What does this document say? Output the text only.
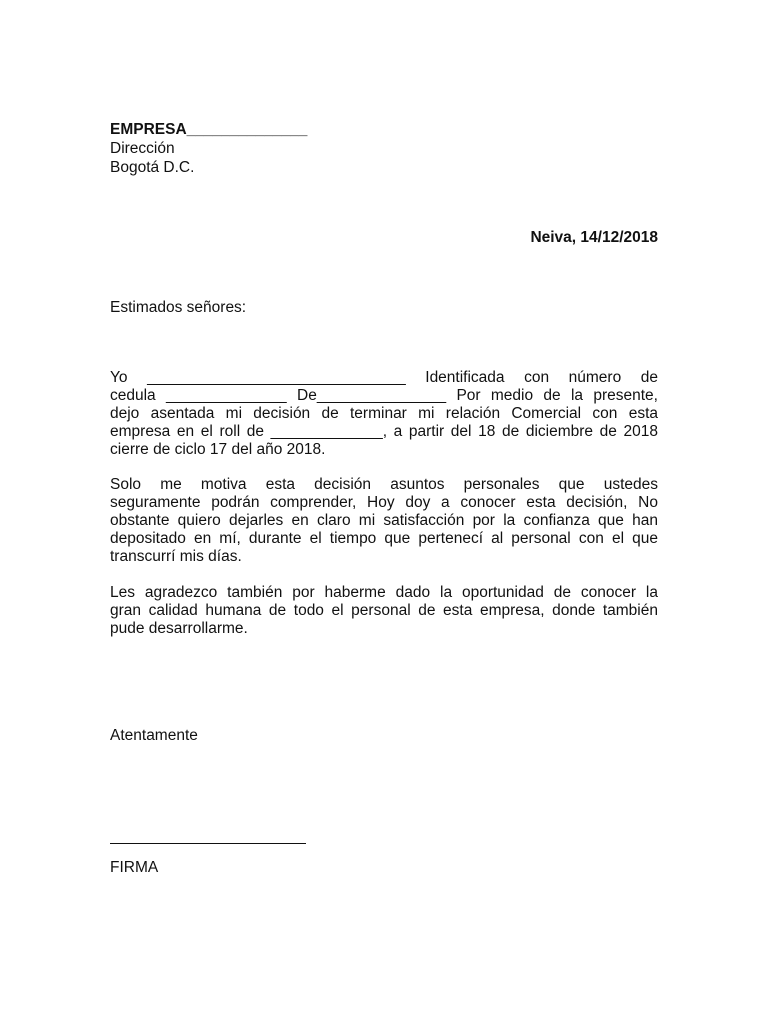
EMPRESA______________
Dirección
Bogotá D.C.
Neiva, 14/12/2018
Estimados señores:
Yo ______________________________ Identificada con número de
cedula ______________ De_______________ Por medio de la presente,
dejo asentada mi decisión de terminar mi relación Comercial con esta
empresa en el roll de _____________, a partir del 18 de diciembre de 2018
cierre de ciclo 17 del año 2018.
Solo me motiva esta decisión asuntos personales que ustedes
seguramente podrán comprender, Hoy doy a conocer esta decisión, No
obstante quiero dejarles en claro mi satisfacción por la confianza que han
depositado en mí, durante el tiempo que pertenecí al personal con el que
transcurrí mis días.
Les agradezco también por haberme dado la oportunidad de conocer la
gran calidad humana de todo el personal de esta empresa, donde también
pude desarrollarme.
Atentamente
FIRMA
